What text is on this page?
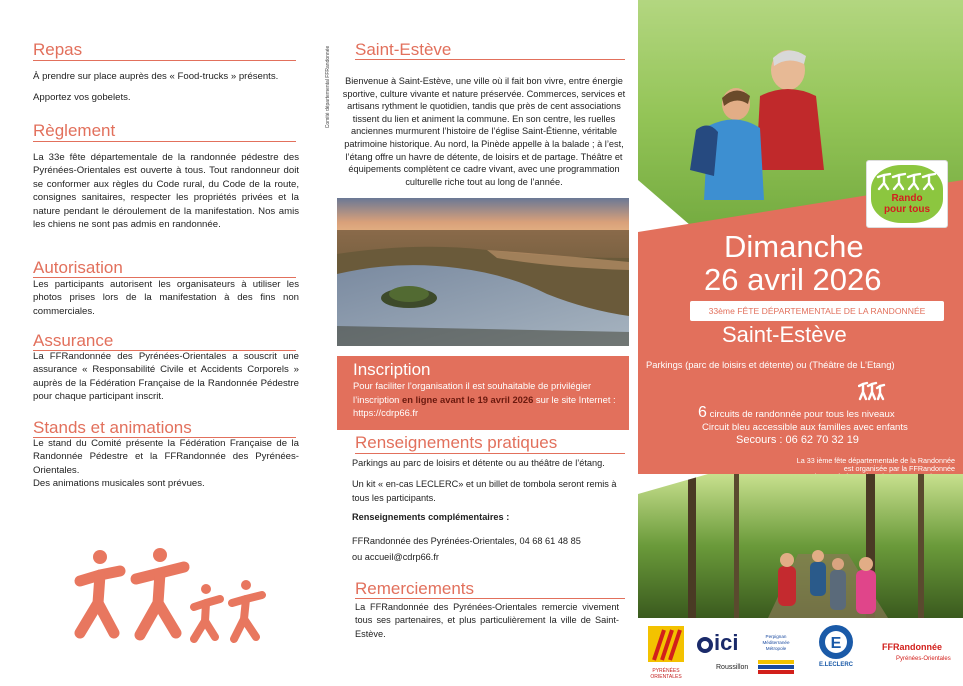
Repas

À prendre sur place auprès des « Food-trucks » présents.

Apportez vos gobelets.

Règlement
La 33e fête départementale de la randonnée pédestre des Pyrénées-Orientales est ouverte à tous. Tout randonneur doit se conformer aux règles du Code rural, du Code de la route, consignes sanitaires, respecter les propriétés privées et la nature pendant le déroulement de la manifestation. Nos amis les chiens ne sont pas admis en randonnée.
Autorisation
Les participants autorisent les organisateurs à utiliser les photos prises lors de la manifestation à des fins non commerciales.
Assurance
La FFRandonnée des Pyrénées-Orientales a souscrit une assurance « Responsabilité Civile et Accidents Corporels » auprès de la Fédération Française de la Randonnée Pédestre pour chaque participant inscrit.
Stands et animations

Le stand du Comité présente la Fédération Française de la Randonnée Pédestre et la FFRandonnée des Pyrénées-Orientales.

Des animations musicales sont prévues.

Comité départemental FFRandonnée Saint-Estève
Bienvenue à Saint-Estève, une ville où il fait bon vivre, entre énergie sportive, culture vivante et nature préservée. Commerces, services et artisans rythment le quotidien, tandis que près de cent associations tissent du lien et animent la commune. En son centre, les ruelles anciennes murmurent l’histoire de l’église Saint-Étienne, véritable patrimoine historique. Au nord, la Pinède appelle à la balade ; à l’est, l’étang offre un havre de détente, de loisirs et de partage. Théâtre et équipements complètent ce cadre vivant, avec une programmation culturelle riche tout au long de l’année.
Inscription
Pour faciliter l’organisation il est souhaitable de privilégier l’inscription en ligne avant le 19 avril 2026 sur le site Internet : https://cdrp66.fr
Renseignements pratiques

Parkings au parc de loisirs et détente ou au théâtre de l’étang.

Un kit « en-cas LECLERC» et un billet de tombola seront remis à tous les participants.

Renseignements complémentaires :

FFRandonnée des Pyrénées-Orientales, 04 68 61 48 85

ou accueil@cdrp66.fr

Remerciements
La FFRandonnée des Pyrénées-Orientales remercie vivement tous ses partenaires, et plus particulièrement la ville de Saint-Estève.
Rando
pour tous
Dimanche
26 avril 2026
33ème FÊTE DÉPARTEMENTALE DE LA RANDONNÉE
Saint-Estève
Parkings (parc de loisirs et détente) ou (Théâtre de L’Etang)
6 circuits de randonnée pour tous les niveaux
Circuit bleu accessible aux familles avec enfants
Secours : 06 62 70 32 19
La 33 ième fête départementale de la Randonnée
est organisée par la FFRandonnée
PYRÉNÉES ORIENTALES
ici
Roussillon
Perpignan Méditerranée Métropole	E
E.LECLERC
FFRandonnée
Pyrénées-Orientales
